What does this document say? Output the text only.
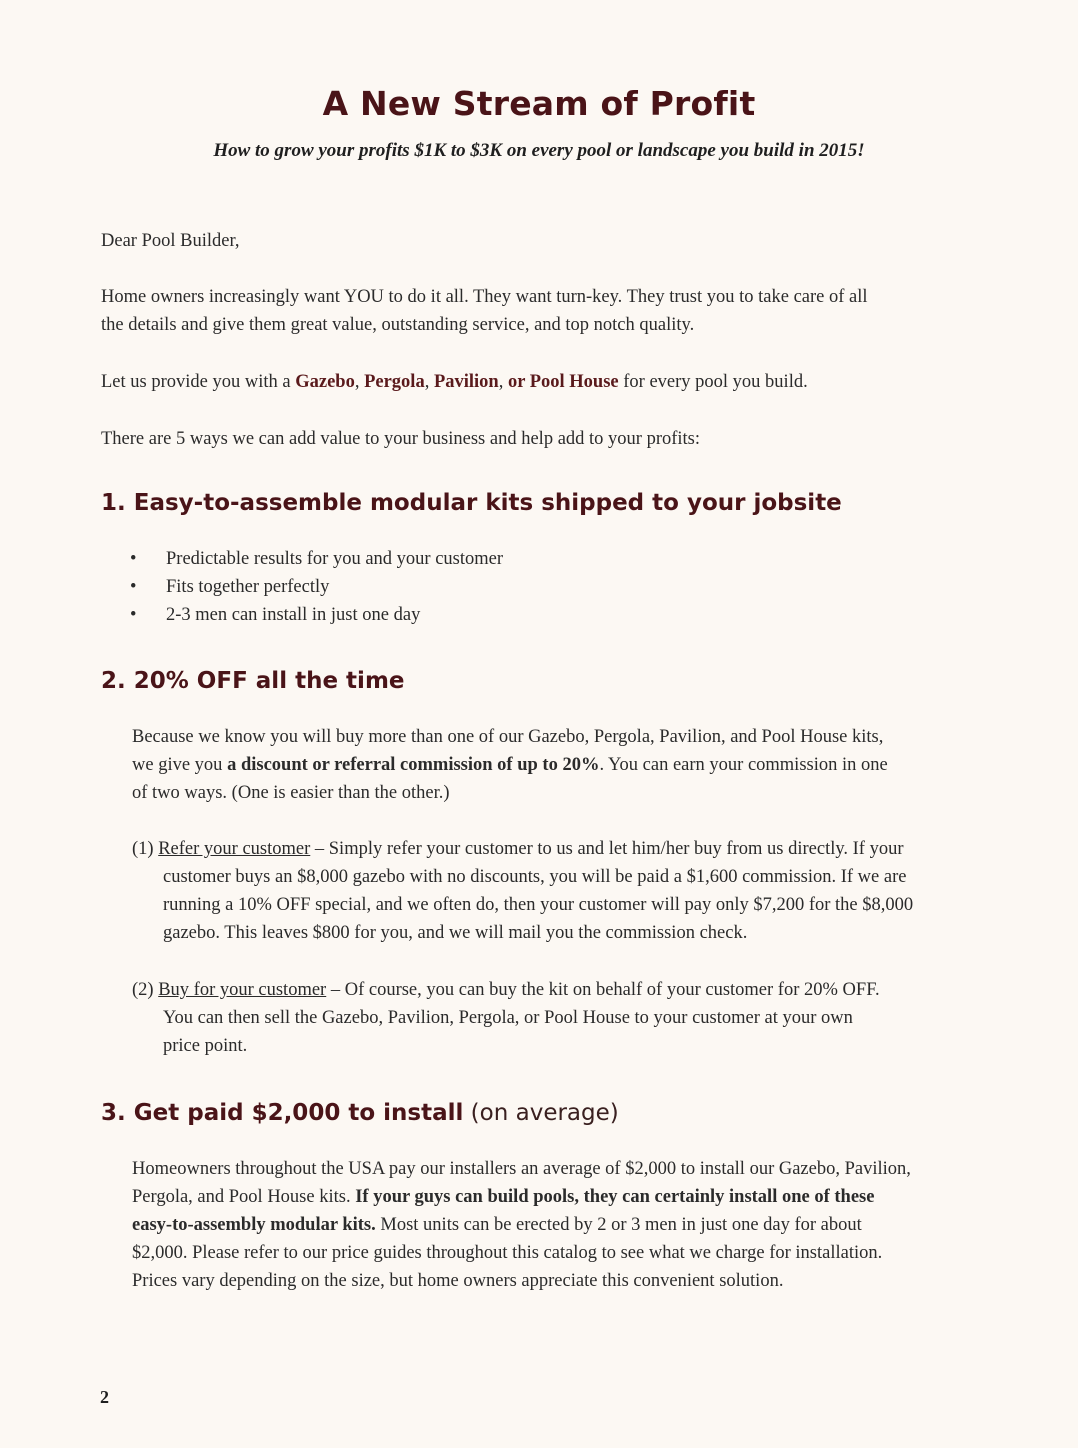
A New Stream of Profit

How to grow your profits $1K to $3K on every pool or landscape you build in 2015!

Dear Pool Builder,

Home owners increasingly want YOU to do it all. They want turn-key. They trust you to take care of all
the details and give them great value, outstanding service, and top notch quality.

Let us provide you with a Gazebo, Pergola, Pavilion, or Pool House for every pool you build.

There are 5 ways we can add value to your business and help add to your profits:

1. Easy-to-assemble modular kits shipped to your jobsite
• Predictable results for you and your customer
• Fits together perfectly
• 2-3 men can install in just one day
2. 20% OFF all the time

Because we know you will buy more than one of our Gazebo, Pergola, Pavilion, and Pool House kits,
we give you a discount or referral commission of up to 20%. You can earn your commission in one
of two ways. (One is easier than the other.)

(1) Refer your customer – Simply refer your customer to us and let him/her buy from us directly. If your
customer buys an $8,000 gazebo with no discounts, you will be paid a $1,600 commission. If we are
running a 10% OFF special, and we often do, then your customer will pay only $7,200 for the $8,000
gazebo. This leaves $800 for you, and we will mail you the commission check.
(2) Buy for your customer – Of course, you can buy the kit on behalf of your customer for 20% OFF.
You can then sell the Gazebo, Pavilion, Pergola, or Pool House to your customer at your own
price point.
3. Get paid $2,000 to install (on average)

Homeowners throughout the USA pay our installers an average of $2,000 to install our Gazebo, Pavilion,
Pergola, and Pool House kits. If your guys can build pools, they can certainly install one of these
easy-to-assembly modular kits. Most units can be erected by 2 or 3 men in just one day for about
$2,000. Please refer to our price guides throughout this catalog to see what we charge for installation.
Prices vary depending on the size, but home owners appreciate this convenient solution.

2
